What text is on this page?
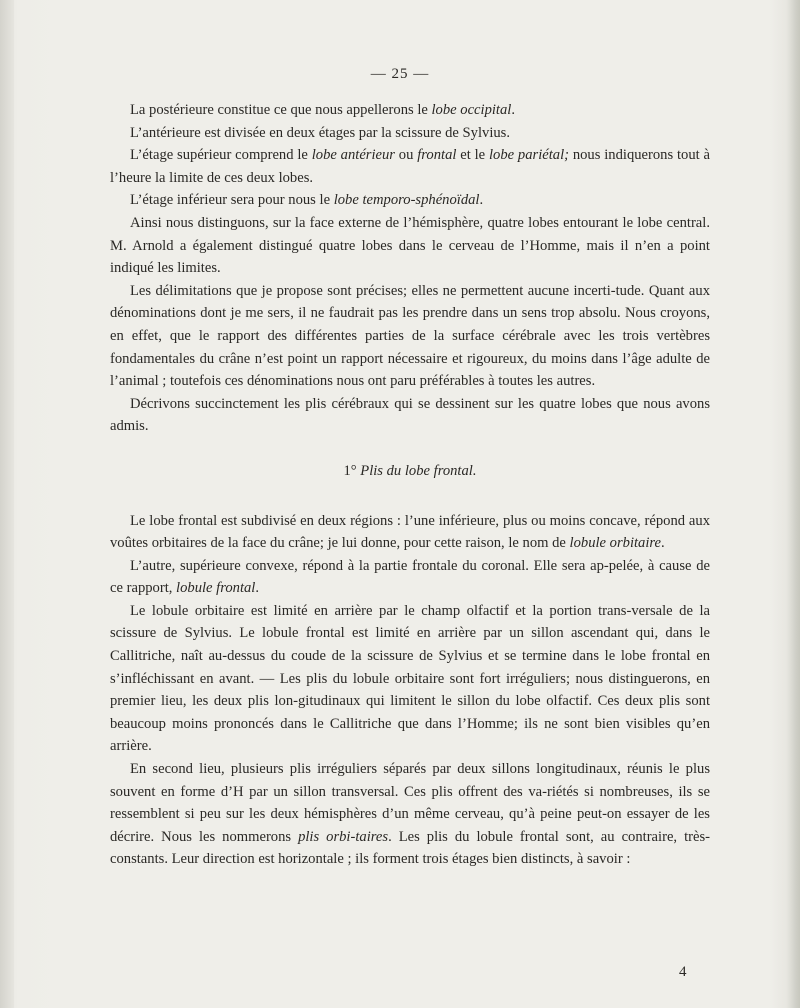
— 25 —

La postérieure constitue ce que nous appellerons le lobe occipital.

L’antérieure est divisée en deux étages par la scissure de Sylvius.

L’étage supérieur comprend le lobe antérieur ou frontal et le lobe pariétal; nous indiquerons tout à l’heure la limite de ces deux lobes.

L’étage inférieur sera pour nous le lobe temporo-sphénoïdal.

Ainsi nous distinguons, sur la face externe de l’hémisphère, quatre lobes entourant le lobe central. M. Arnold a également distingué quatre lobes dans le cerveau de l’Homme, mais il n’en a point indiqué les limites.

Les délimitations que je propose sont précises; elles ne permettent aucune incerti-tude. Quant aux dénominations dont je me sers, il ne faudrait pas les prendre dans un sens trop absolu. Nous croyons, en effet, que le rapport des différentes parties de la surface cérébrale avec les trois vertèbres fondamentales du crâne n’est point un rapport nécessaire et rigoureux, du moins dans l’âge adulte de l’animal ; toutefois ces dénominations nous ont paru préférables à toutes les autres.

Décrivons succinctement les plis cérébraux qui se dessinent sur les quatre lobes que nous avons admis.

1° Plis du lobe frontal.

Le lobe frontal est subdivisé en deux régions : l’une inférieure, plus ou moins concave, répond aux voûtes orbitaires de la face du crâne; je lui donne, pour cette raison, le nom de lobule orbitaire.

L’autre, supérieure convexe, répond à la partie frontale du coronal. Elle sera ap-pelée, à cause de ce rapport, lobule frontal.

Le lobule orbitaire est limité en arrière par le champ olfactif et la portion trans-versale de la scissure de Sylvius. Le lobule frontal est limité en arrière par un sillon ascendant qui, dans le Callitriche, naît au-dessus du coude de la scissure de Sylvius et se termine dans le lobe frontal en s’infléchissant en avant. — Les plis du lobule orbitaire sont fort irréguliers; nous distinguerons, en premier lieu, les deux plis lon-gitudinaux qui limitent le sillon du lobe olfactif. Ces deux plis sont beaucoup moins prononcés dans le Callitriche que dans l’Homme; ils ne sont bien visibles qu’en arrière.

En second lieu, plusieurs plis irréguliers séparés par deux sillons longitudinaux, réunis le plus souvent en forme d’H par un sillon transversal. Ces plis offrent des va-riétés si nombreuses, ils se ressemblent si peu sur les deux hémisphères d’un même cerveau, qu’à peine peut-on essayer de les décrire. Nous les nommerons plis orbi-taires. Les plis du lobule frontal sont, au contraire, très-constants. Leur direction est horizontale ; ils forment trois étages bien distincts, à savoir :

4
